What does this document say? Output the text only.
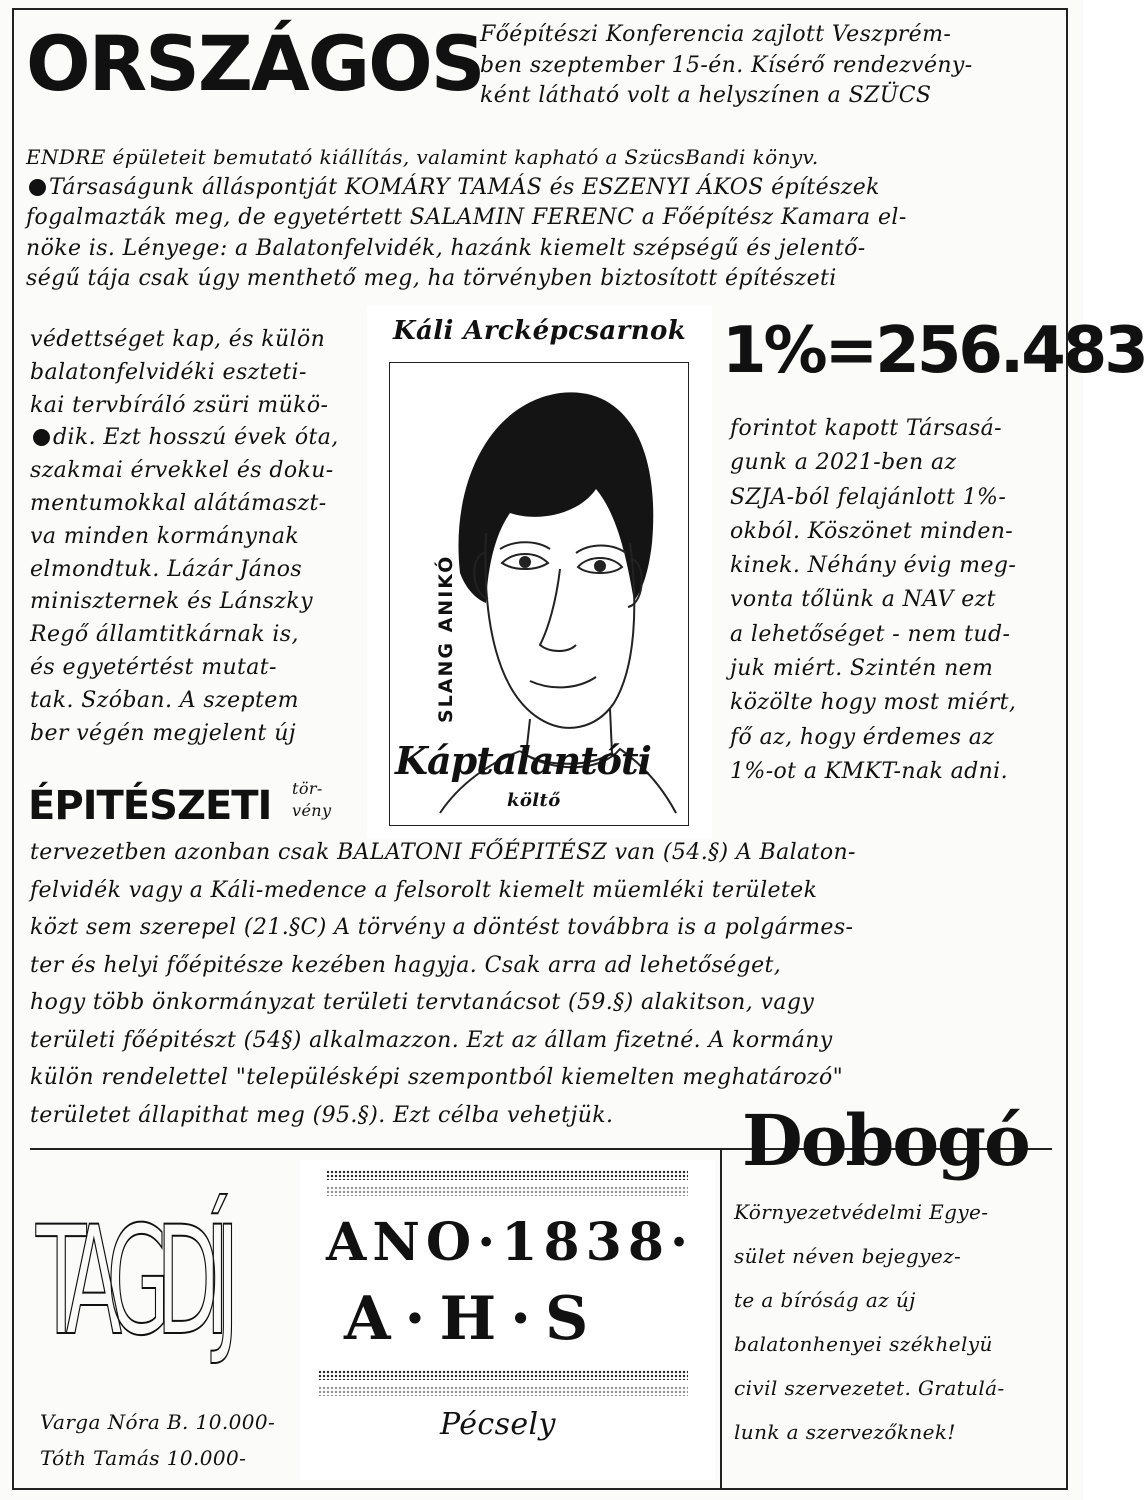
ORSZÁGOS
Főépítészi Konferencia zajlott Veszprém-
ben szeptember 15-én. Kísérő rendezvény-
ként látható volt a helyszínen a SZÜCS
ENDRE épületeit bemutató kiállítás, valamint kapható a SzücsBandi könyv.
Társaságunk álláspontját KOMÁRY TAMÁS és ESZENYI ÁKOS építészek
fogalmazták meg, de egyetértett SALAMIN FERENC a Főépítész Kamara el-
nöke is. Lényege: a Balatonfelvidék, hazánk kiemelt szépségű és jelentő-
ségű tája csak úgy menthető meg, ha törvényben biztosított építészeti
védettséget kap, és külön
balatonfelvidéki eszteti-
kai tervbíráló zsüri mükö-
dik. Ezt hosszú évek óta,
szakmai érvekkel és doku-
mentumokkal alátámaszt-
va minden kormánynak
elmondtuk. Lázár János
miniszternek és Lánszky
Regő államtitkárnak is,
és egyetértést mutat-
tak. Szóban. A szeptem
ber végén megjelent új
ÉPITÉSZETI tör-
vény
Káli Arcképcsarnok
SLANG ANIKÓ
Káptalantóti
költő
1%=256.483
forintot kapott Társasá-
gunk a 2021-ben az
SZJA-ból felajánlott 1%-
okból. Köszönet minden-
kinek. Néhány évig meg-
vonta tőlünk a NAV ezt
a lehetőséget - nem tud-
juk miért. Szintén nem
közölte hogy most miért,
fő az, hogy érdemes az
1%-ot a KMKT-nak adni.
tervezetben azonban csak BALATONI FŐÉPITÉSZ van (54.§) A Balaton-
felvidék vagy a Káli-medence a felsorolt kiemelt müemléki területek
közt sem szerepel (21.§C) A törvény a döntést továbbra is a polgármes-
ter és helyi főépitésze kezében hagyja. Csak arra ad lehetőséget,
hogy több önkormányzat területi tervtanácsot (59.§) alakitson, vagy
területi főépitészt (54§) alkalmazzon. Ezt az állam fizetné. A kormány
külön rendelettel "településképi szempontból kiemelten meghatározó"
területet állapithat meg (95.§). Ezt célba vehetjük.	Dobogó
Környezetvédelmi Egye-
sület néven bejegyez-
te a bíróság az új
balatonhenyei székhelyü
civil szervezetet. Gratulá-
lunk a szervezőknek!
TAGDÍJ
Varga Nóra B. 10.000-
Tóth Tamás 10.000-
ANO·1838·
A·H·S
Pécsely
